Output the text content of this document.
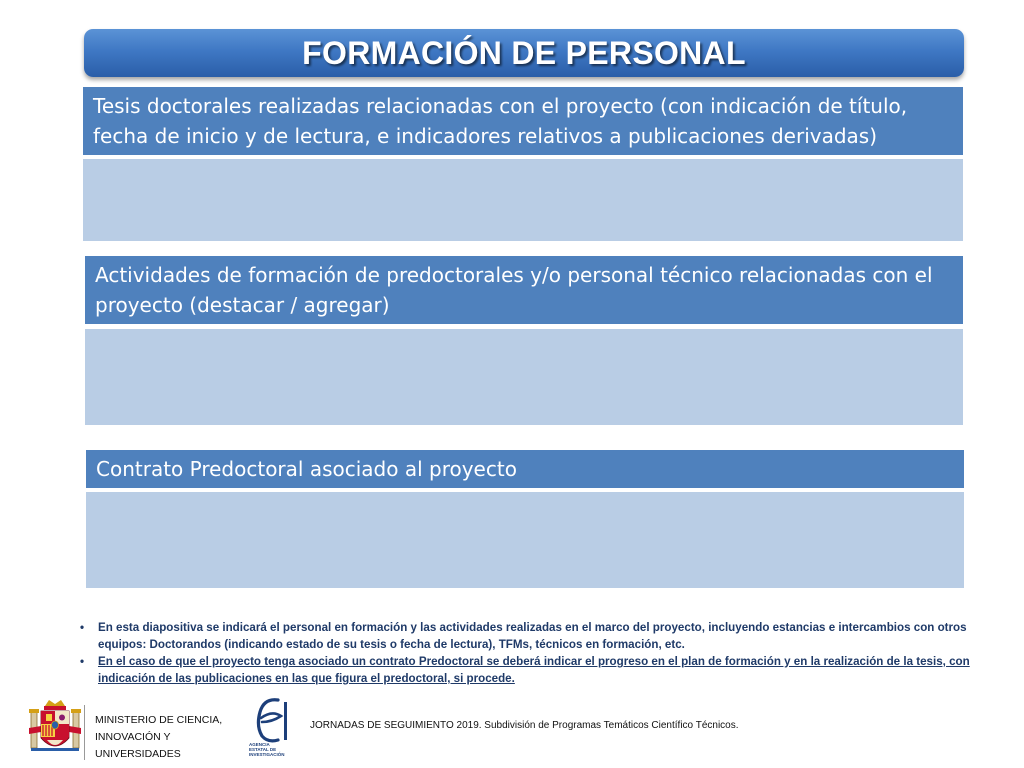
FORMACIÓN DE PERSONAL
Tesis doctorales realizadas relacionadas con el proyecto (con indicación de título, fecha de inicio y de lectura, e indicadores relativos a publicaciones derivadas)
Actividades de formación de predoctorales y/o personal técnico relacionadas con el proyecto (destacar / agregar)
Contrato Predoctoral asociado al proyecto
• En esta diapositiva se indicará el personal en formación y las actividades realizadas en el marco del proyecto, incluyendo estancias e intercambios con otros equipos: Doctorandos (indicando estado de su tesis o fecha de lectura), TFMs, técnicos en formación, etc.
• En el caso de que el proyecto tenga asociado un contrato Predoctoral se deberá indicar el progreso en el plan de formación y en la realización de la tesis, con indicación de las publicaciones en las que figura el predoctoral, si procede.
MINISTERIO DE CIENCIA,
INNOVACIÓN Y
UNIVERSIDADES
AGENCIA ESTATAL DE INVESTIGACIÓN
JORNADAS DE SEGUIMIENTO 2019. Subdivisión de Programas Temáticos Científico Técnicos.
